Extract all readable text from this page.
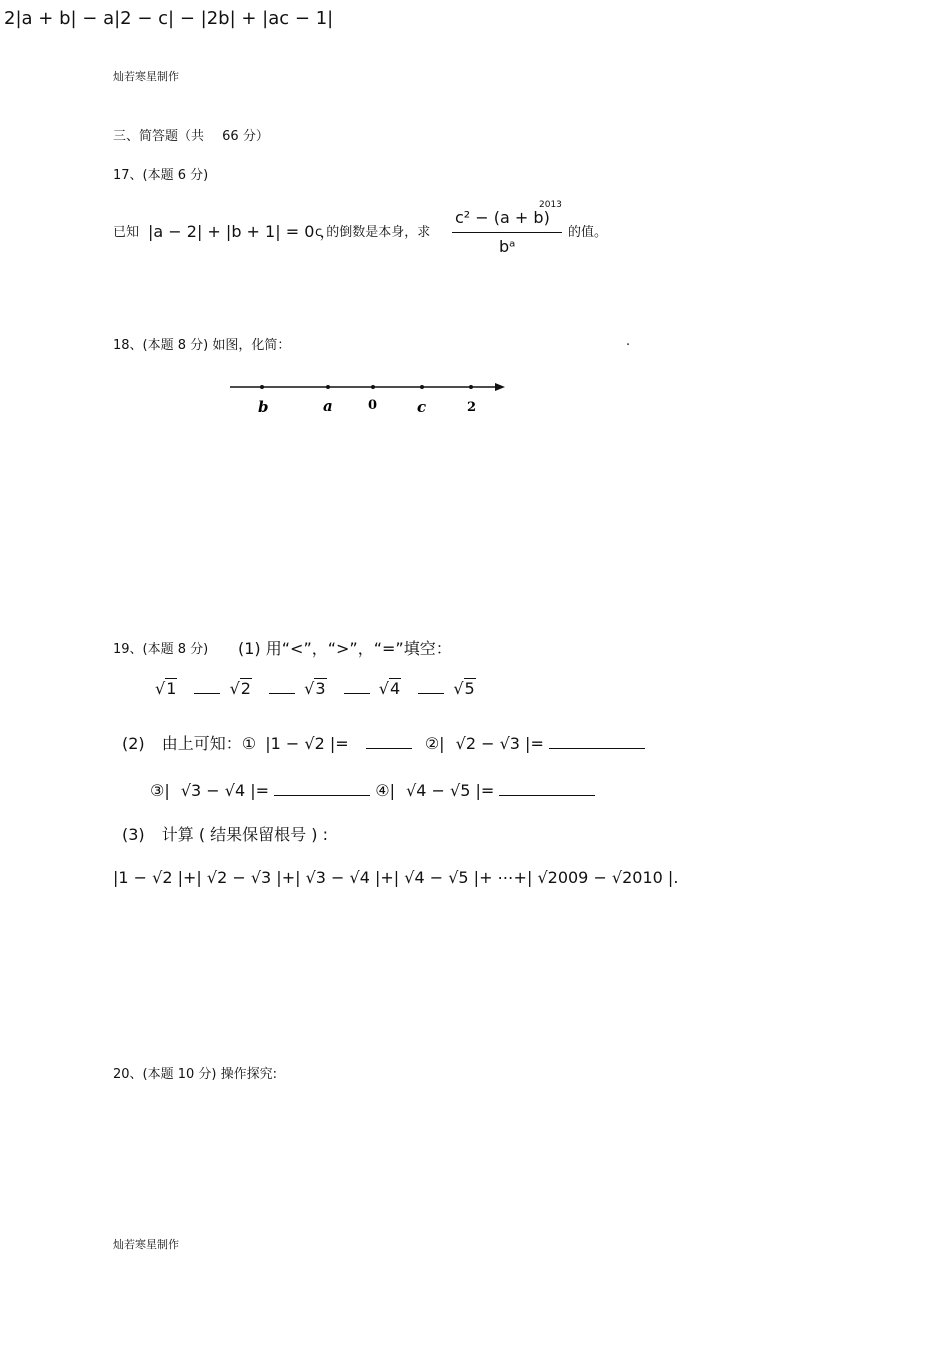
2|a + b| − a|2 − c| − |2b| + |ac − 1|
灿若寒星制作
三、简答题（共 66 分）
17、(本题 6 分)
已知 |a − 2| + |b + 1| = 0 ，
c 的倒数是本身，求
c² − (a + b)
2013
bᵃ
的值。
18、(本题 8 分) 如图，化简：	.
b	a	0	c	2
19、(本题 8 分) (1) 用“<”，“>”，“=”填空：
√1	√2	√3	√4	√5
(2) 由上可知：① |1 − √2 |=	②| √2 − √3 |=
③| √3 − √4 |=	④| √4 − √5 |=
(3) 计算 ( 结果保留根号 ) :
|1 − √2 |+| √2 − √3 |+| √3 − √4 |+| √4 − √5 |+ ⋯+| √2009 − √2010 |.
20、(本题 10 分) 操作探究:
灿若寒星制作
